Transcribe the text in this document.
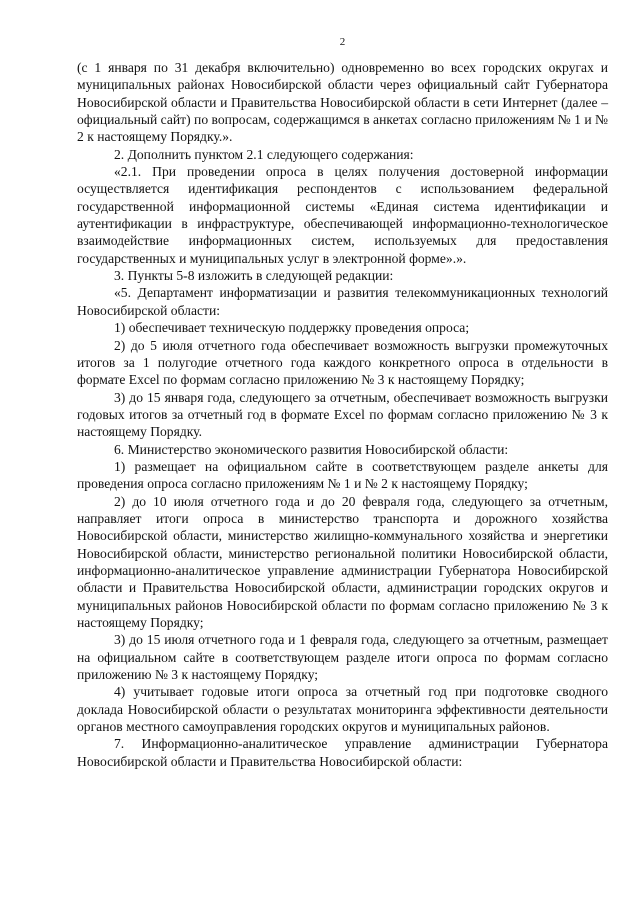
2

(с 1 января по 31 декабря включительно) одновременно во всех городских округах и муниципальных районах Новосибирской области через официальный сайт Губернатора Новосибирской области и Правительства Новосибирской области в сети Интернет (далее – официальный сайт) по вопросам, содержащимся в анкетах согласно приложениям № 1 и № 2 к настоящему Порядку.».

2. Дополнить пунктом 2.1 следующего содержания:

«2.1. При проведении опроса в целях получения достоверной информации осуществляется идентификация респондентов с использованием федеральной государственной информационной системы «Единая система идентификации и аутентификации в инфраструктуре, обеспечивающей информационно-технологическое взаимодействие информационных систем, используемых для предоставления государственных и муниципальных услуг в электронной форме».».

3. Пункты 5-8 изложить в следующей редакции:

«5. Департамент информатизации и развития телекоммуникационных технологий Новосибирской области:

1) обеспечивает техническую поддержку проведения опроса;

2) до 5 июля отчетного года обеспечивает возможность выгрузки промежуточных итогов за 1 полугодие отчетного года каждого конкретного опроса в отдельности в формате Excel по формам согласно приложению № 3 к настоящему Порядку;

3) до 15 января года, следующего за отчетным, обеспечивает возможность выгрузки годовых итогов за отчетный год в формате Excel по формам согласно приложению № 3 к настоящему Порядку.

6. Министерство экономического развития Новосибирской области:

1) размещает на официальном сайте в соответствующем разделе анкеты для проведения опроса согласно приложениям № 1 и № 2 к настоящему Порядку;

2) до 10 июля отчетного года и до 20 февраля года, следующего за отчетным, направляет итоги опроса в министерство транспорта и дорожного хозяйства Новосибирской области, министерство жилищно-коммунального хозяйства и энергетики Новосибирской области, министерство региональной политики Новосибирской области, информационно-аналитическое управление администрации Губернатора Новосибирской области и Правительства Новосибирской области, администрации городских округов и муниципальных районов Новосибирской области по формам согласно приложению № 3 к настоящему Порядку;

3) до 15 июля отчетного года и 1 февраля года, следующего за отчетным, размещает на официальном сайте в соответствующем разделе итоги опроса по формам согласно приложению № 3 к настоящему Порядку;

4) учитывает годовые итоги опроса за отчетный год при подготовке сводного доклада Новосибирской области о результатах мониторинга эффективности деятельности органов местного самоуправления городских округов и муниципальных районов.

7. Информационно-аналитическое управление администрации Губернатора Новосибирской области и Правительства Новосибирской области:
